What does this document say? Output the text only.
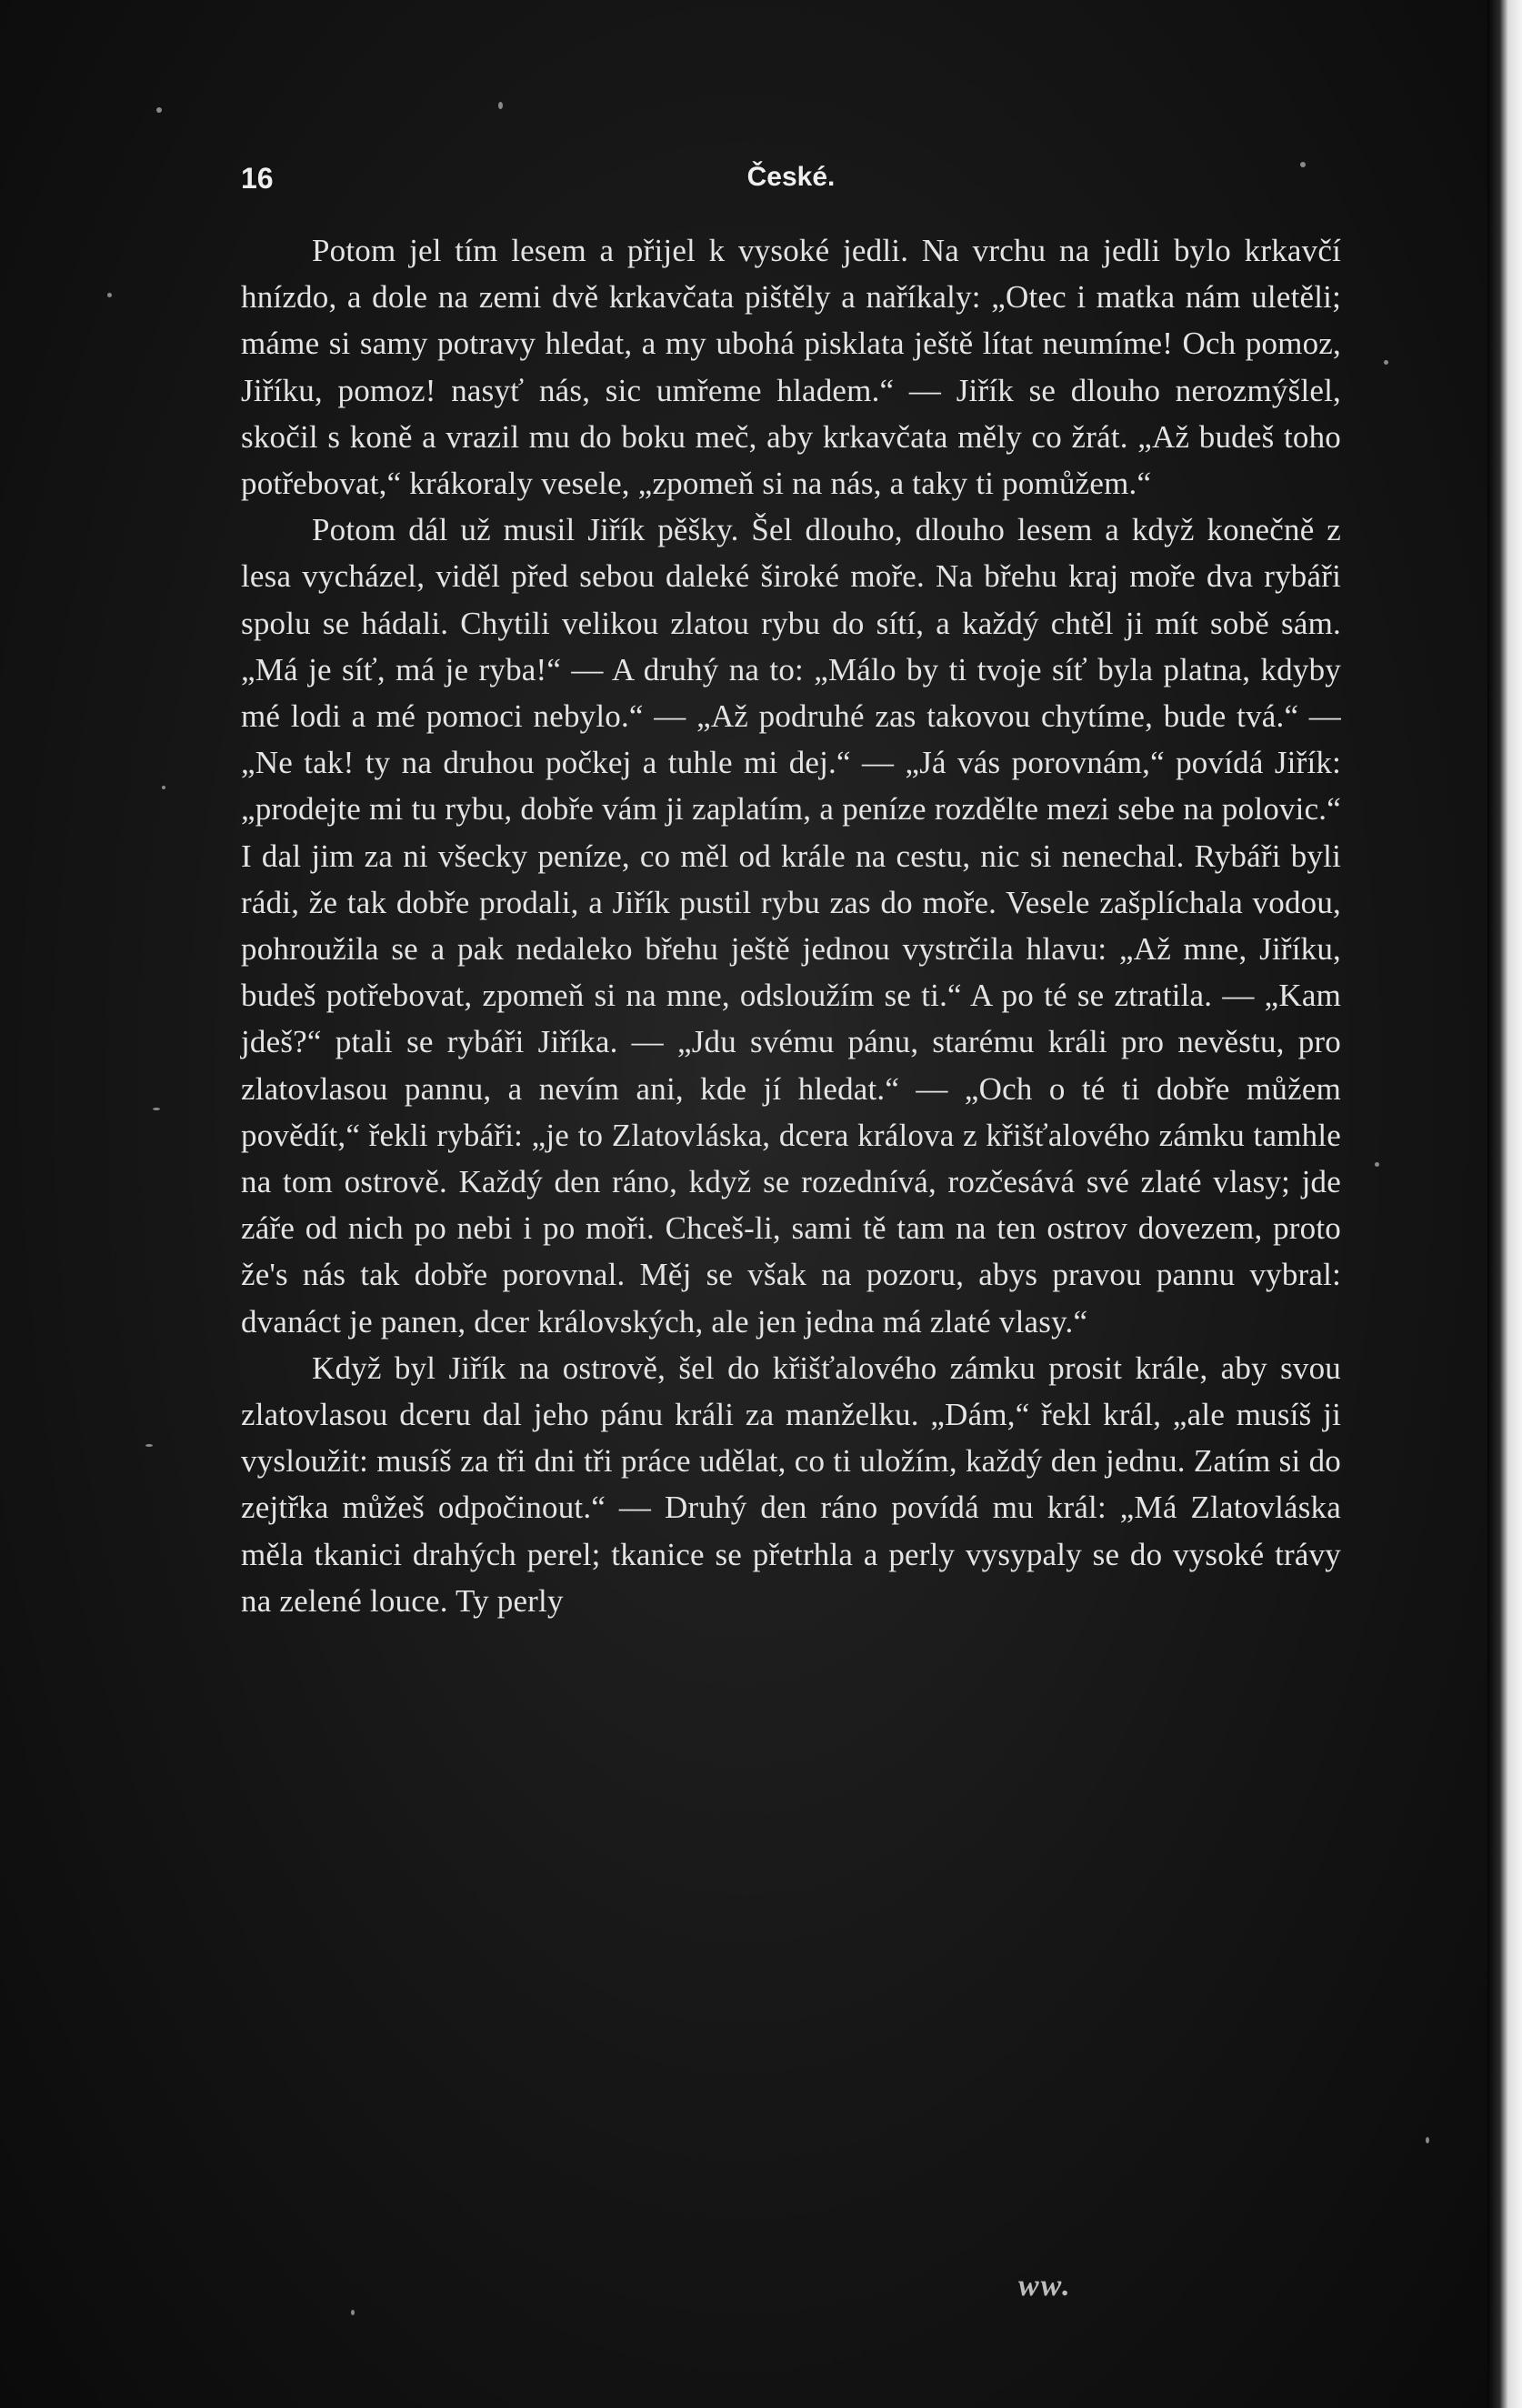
16	České.

Potom jel tím lesem a přijel k vysoké jedli. Na vrchu na jedli bylo krkavčí hnízdo, a dole na zemi dvě krkavčata pištěly a naříkaly: „Otec i matka nám uletěli; máme si samy potravy hledat, a my ubohá pisklata ještě lítat neumíme! Och pomoz, Jiříku, pomoz! nasyť nás, sic umřeme hladem.“ — Jiřík se dlouho nerozmýšlel, skočil s koně a vrazil mu do boku meč, aby krkavčata měly co žrát. „Až budeš toho potřebovat,“ krákoraly vesele, „zpomeň si na nás, a taky ti pomůžem.“

Potom dál už musil Jiřík pěšky. Šel dlouho, dlouho lesem a když konečně z lesa vycházel, viděl před sebou daleké široké moře. Na břehu kraj moře dva rybáři spolu se hádali. Chytili velikou zlatou rybu do sítí, a každý chtěl ji mít sobě sám. „Má je síť, má je ryba!“ — A druhý na to: „Málo by ti tvoje síť byla platna, kdyby mé lodi a mé pomoci nebylo.“ — „Až podruhé zas takovou chytíme, bude tvá.“ — „Ne tak! ty na druhou počkej a tuhle mi dej.“ — „Já vás porovnám,“ povídá Jiřík: „prodejte mi tu rybu, dobře vám ji zaplatím, a peníze rozdělte mezi sebe na polovic.“ I dal jim za ni všecky peníze, co měl od krále na cestu, nic si nenechal. Rybáři byli rádi, že tak dobře prodali, a Jiřík pustil rybu zas do moře. Vesele zašplíchala vodou, pohroužila se a pak nedaleko břehu ještě jednou vystrčila hlavu: „Až mne, Jiříku, budeš potřebovat, zpomeň si na mne, odsloužím se ti.“ A po té se ztratila. — „Kam jdeš?“ ptali se rybáři Jiříka. — „Jdu svému pánu, starému králi pro nevěstu, pro zlatovlasou pannu, a nevím ani, kde jí hledat.“ — „Och o té ti dobře můžem povědít,“ řekli rybáři: „je to Zlatovláska, dcera králova z křišťalového zámku tamhle na tom ostrově. Každý den ráno, když se rozednívá, rozčesává své zlaté vlasy; jde záře od nich po nebi i po moři. Chceš-li, sami tě tam na ten ostrov dovezem, proto že's nás tak dobře porovnal. Měj se však na pozoru, abys pravou pannu vybral: dvanáct je panen, dcer královských, ale jen jedna má zlaté vlasy.“

Když byl Jiřík na ostrově, šel do křišťalového zámku prosit krále, aby svou zlatovlasou dceru dal jeho pánu králi za manželku. „Dám,“ řekl král, „ale musíš ji vysloužit: musíš za tři dni tři práce udělat, co ti uložím, každý den jednu. Zatím si do zejtřka můžeš odpočinout.“ — Druhý den ráno povídá mu král: „Má Zlatovláska měla tkanici drahých perel; tkanice se přetrhla a perly vysypaly se do vysoké trávy na zelené louce. Ty perly

ww.
